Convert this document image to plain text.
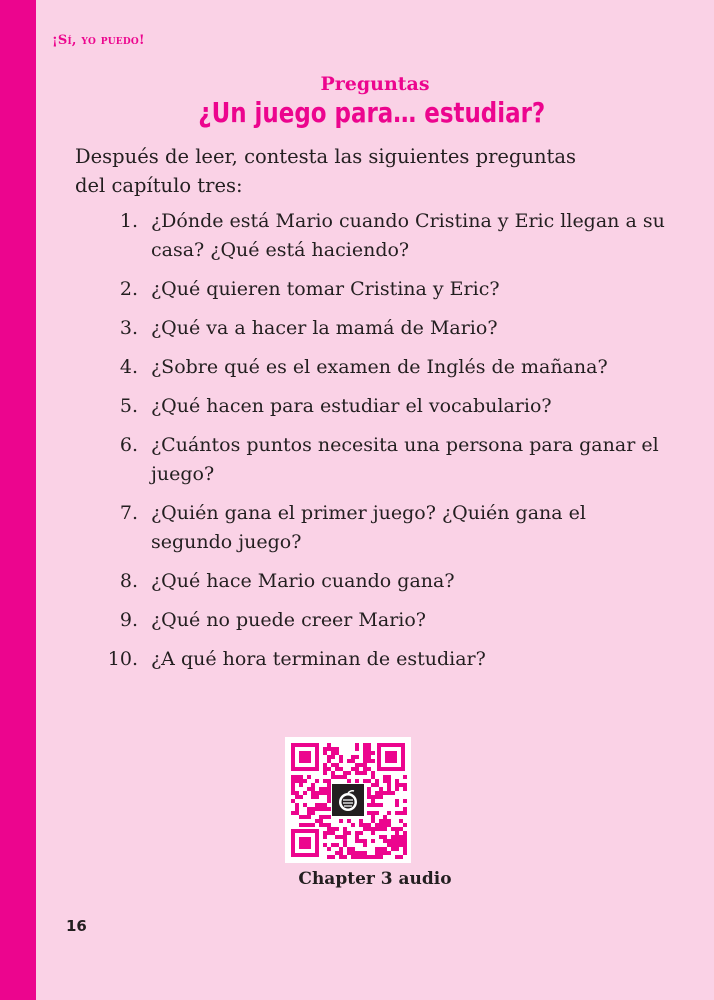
¡Sí, yo puedo!
Preguntas
¿Un juego para… estudiar?
Después de leer, contesta las siguientes preguntas del capítulo tres:
1. ¿Dónde está Mario cuando Cristina y Eric llegan a su casa? ¿Qué está haciendo?
2. ¿Qué quieren tomar Cristina y Eric?
3. ¿Qué va a hacer la mamá de Mario?
4. ¿Sobre qué es el examen de Inglés de mañana?
5. ¿Qué hacen para estudiar el vocabulario?
6. ¿Cuántos puntos necesita una persona para ganar el juego?
7. ¿Quién gana el primer juego? ¿Quién gana el segundo juego?
8. ¿Qué hace Mario cuando gana?
9. ¿Qué no puede creer Mario?
10. ¿A qué hora terminan de estudiar?
Chapter 3 audio
16
